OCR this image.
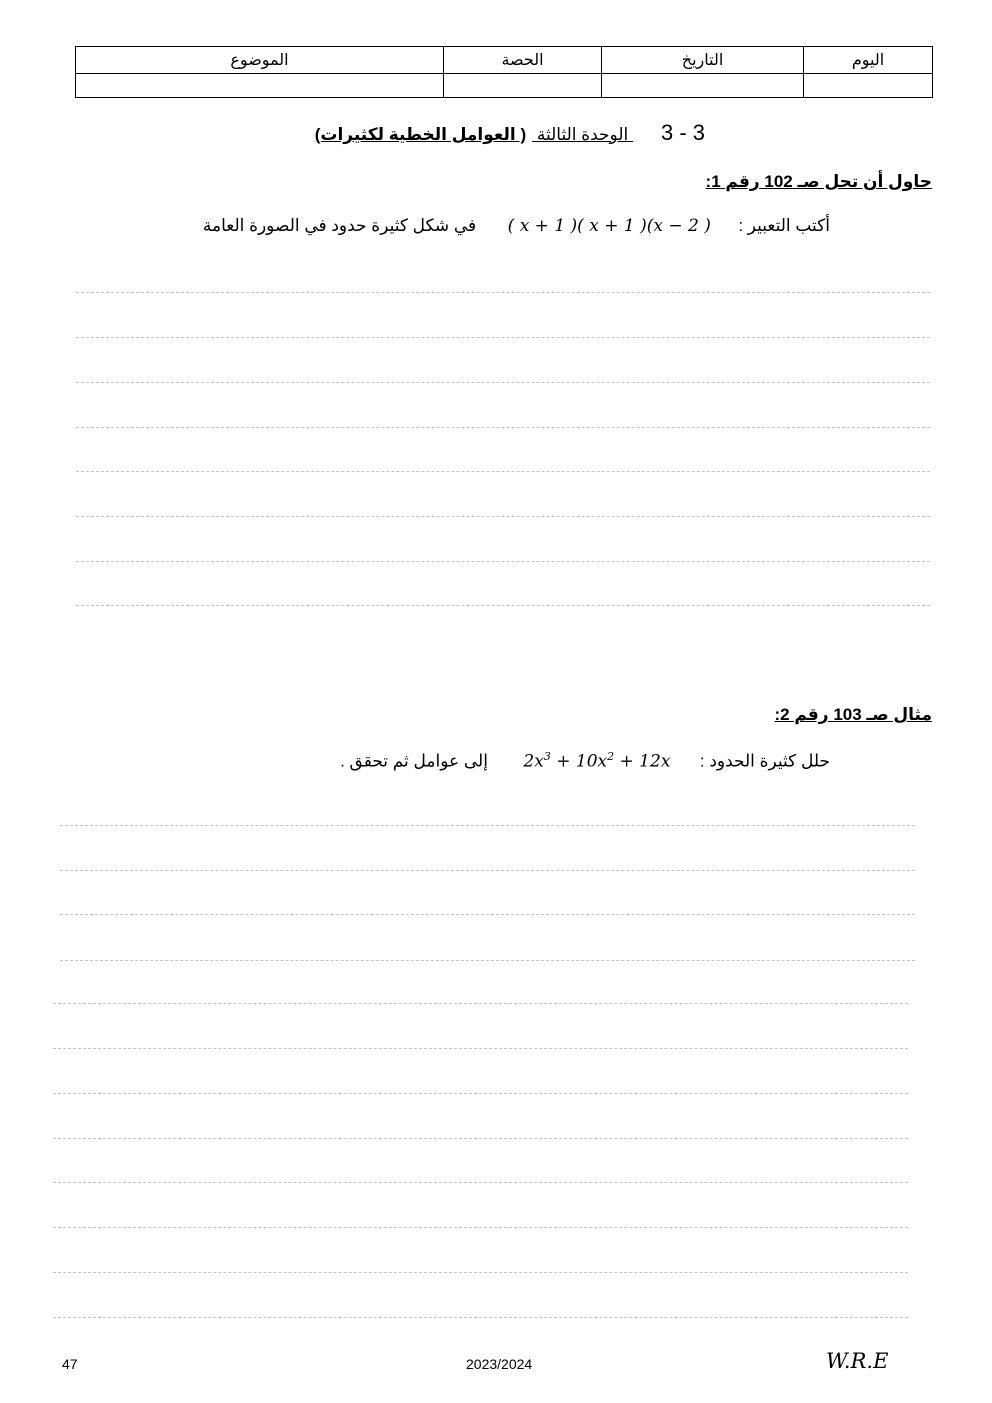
الموضوع	الحصة	التاريخ	اليوم

3 - 3 الوحدة الثالثة ( العوامل الخطية لكثيرات)
حاول أن تحل صـ 102 رقم 1:
أكتب التعبير :  ( x + 1 )( x + 1 )(x − 2 )  في شكل كثيرة حدود في الصورة العامة
مثال صـ 103 رقم 2:
حلل كثيرة الحدود :  $2x^3 + 10x^2 + 12x$  إلى عوامل ثم تحقق .
47	2023/2024	W.R.E
